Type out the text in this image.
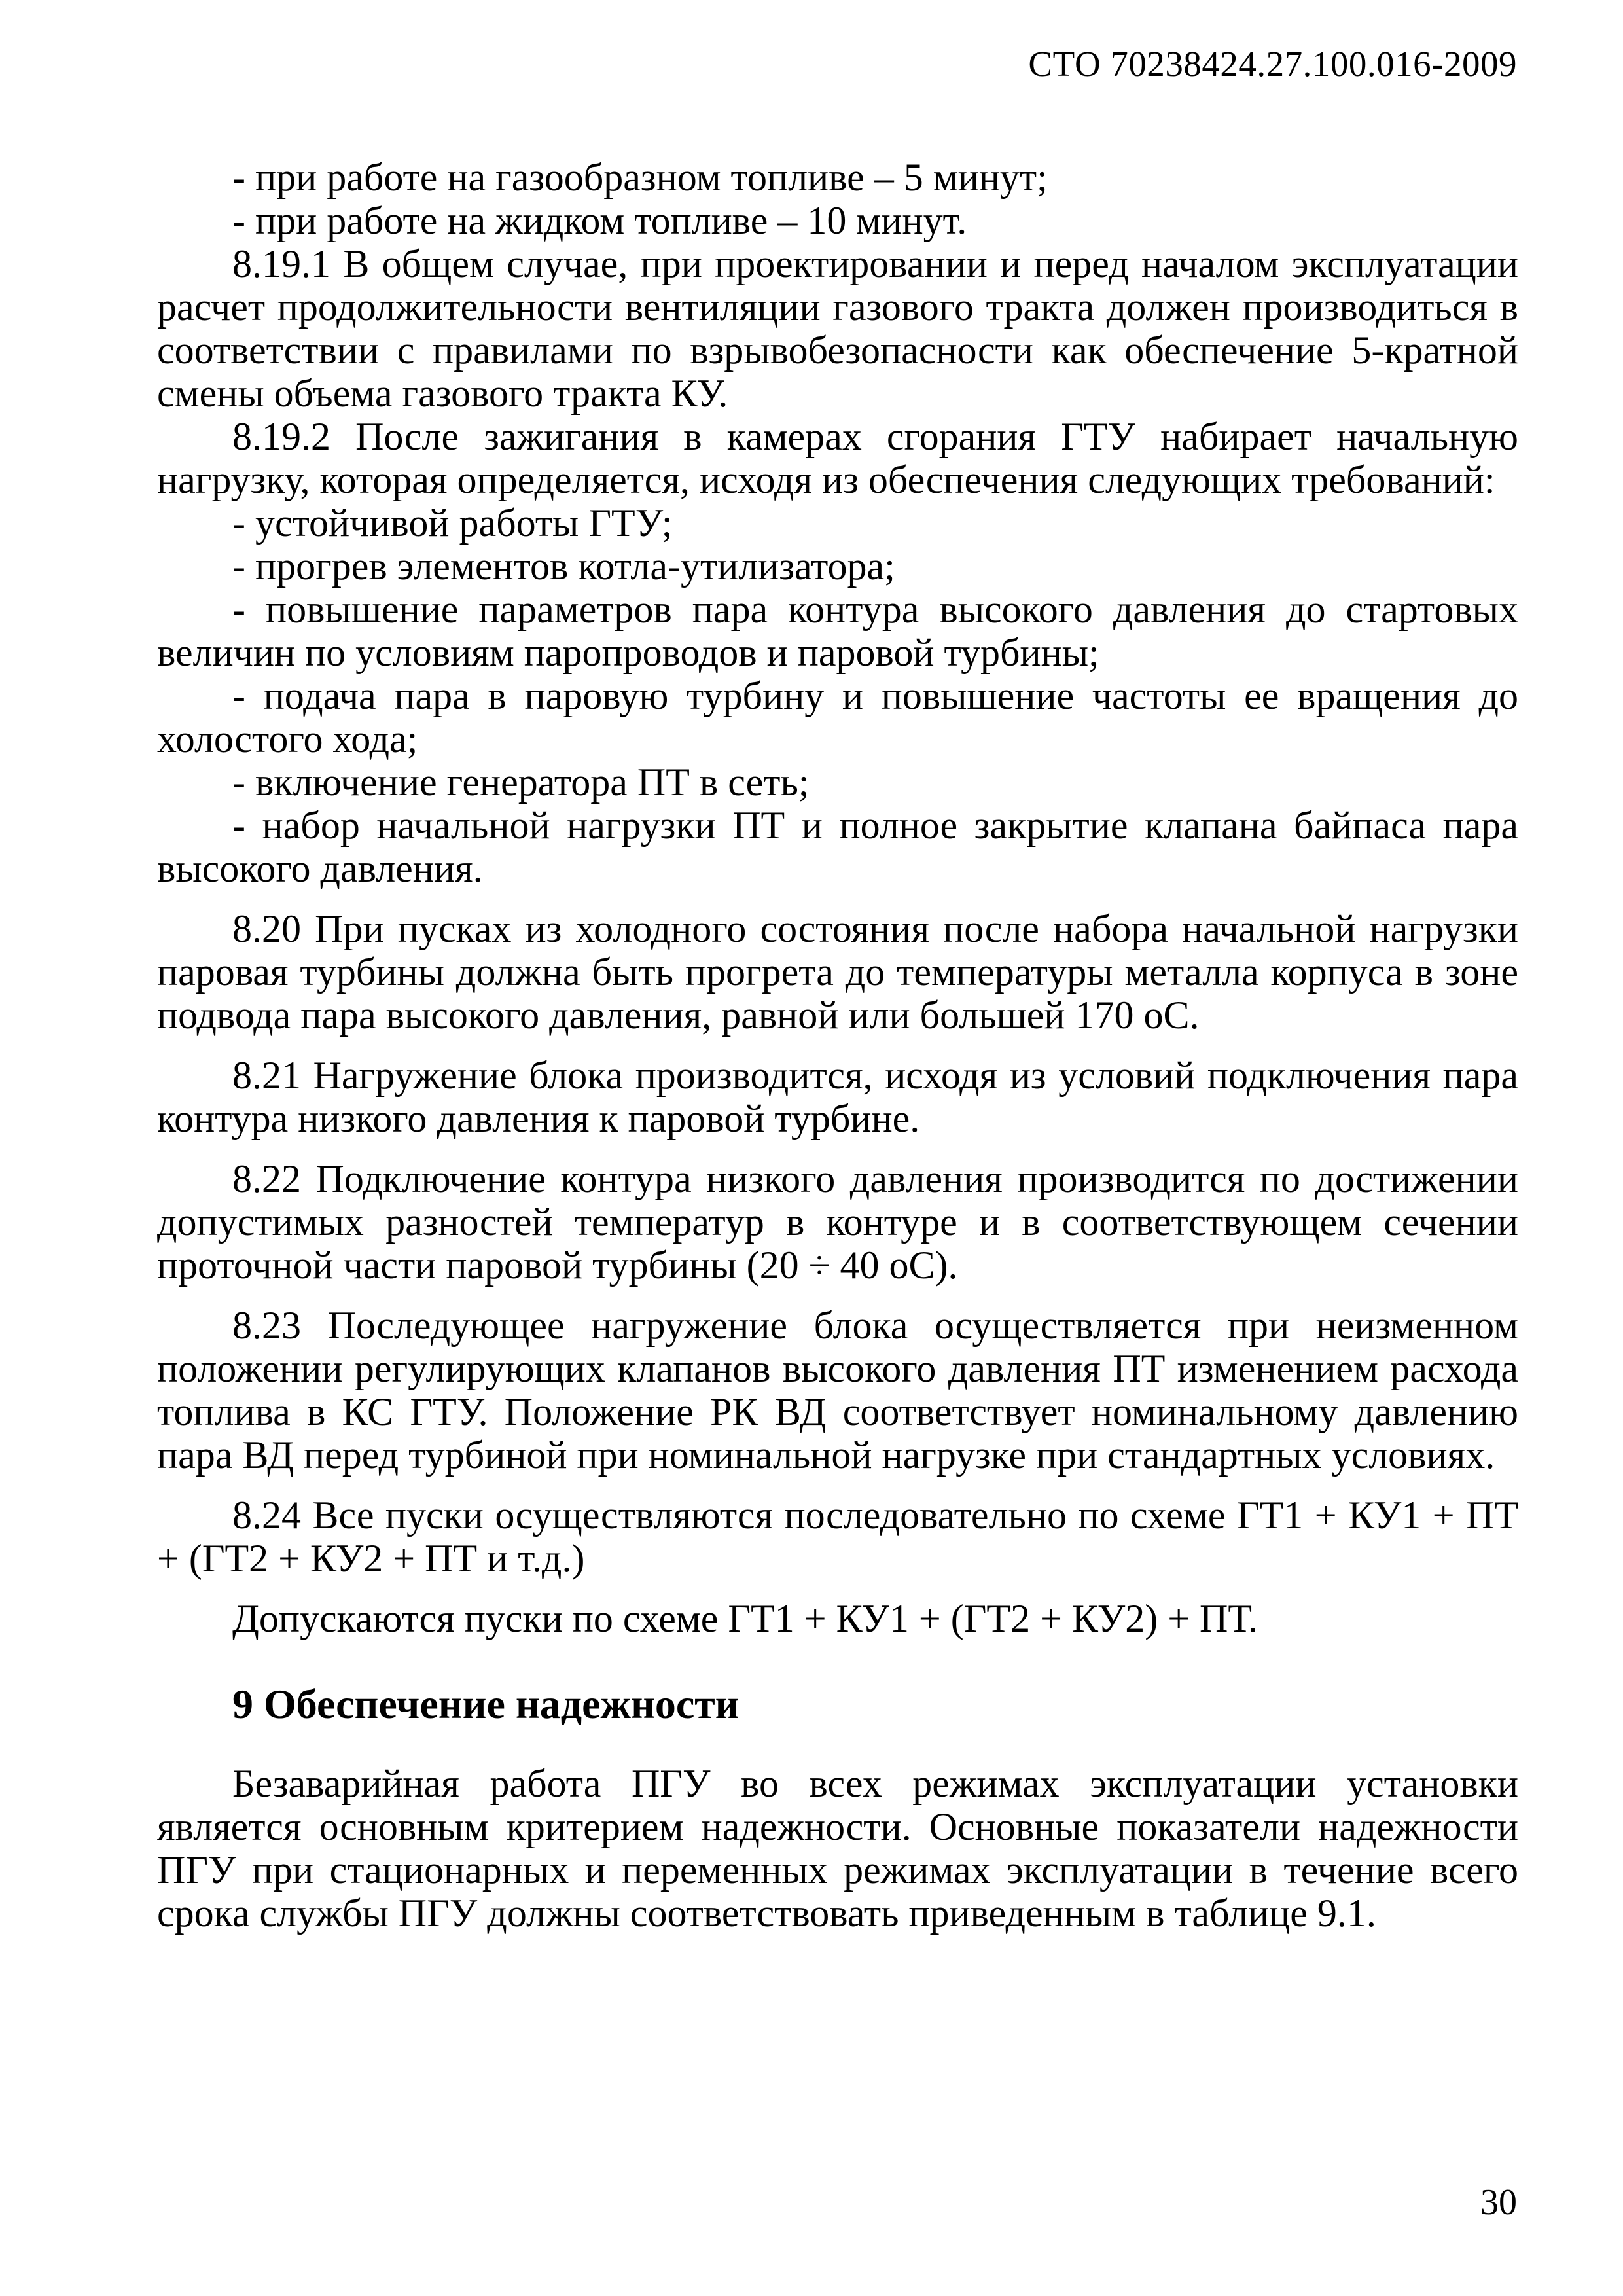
СТО 70238424.27.100.016-2009

- при работе на газообразном топливе – 5 минут;

- при работе на жидком топливе – 10 минут.

8.19.1 В общем случае, при проектировании и перед началом эксплуатации расчет продолжительности вентиляции газового тракта должен производиться в соответствии с правилами по взрывобезопасности как обеспечение 5-кратной смены объема газового тракта КУ.

8.19.2 После зажигания в камерах сгорания ГТУ набирает начальную нагрузку, которая определяется, исходя из обеспечения следующих требований:

- устойчивой работы ГТУ;

- прогрев элементов котла-утилизатора;

- повышение параметров пара контура высокого давления до стартовых величин по условиям паропроводов и паровой турбины;

- подача пара в паровую турбину и повышение частоты ее вращения до холостого хода;

- включение генератора ПТ в сеть;

- набор начальной нагрузки ПТ и полное закрытие клапана байпаса пара высокого давления.

8.20 При пусках из холодного состояния после набора начальной нагрузки паровая турбины должна быть прогрета до температуры металла корпуса в зоне подвода пара высокого давления, равной или большей 170 оС.

8.21 Нагружение блока производится, исходя из условий подключения пара контура низкого давления к паровой турбине.

8.22 Подключение контура низкого давления производится по достижении допустимых разностей температур в контуре и в соответствующем сечении проточной части паровой турбины (20 ÷ 40 оС).

8.23 Последующее нагружение блока осуществляется при неизменном положении регулирующих клапанов высокого давления ПТ изменением расхода топлива в КС ГТУ. Положение РК ВД соответствует номинальному давлению пара ВД перед турбиной при номинальной нагрузке при стандартных условиях.

8.24 Все пуски осуществляются последовательно по схеме ГТ1 + КУ1 + ПТ + (ГТ2 + КУ2 + ПТ и т.д.)

Допускаются пуски по схеме ГТ1 + КУ1 + (ГТ2 + КУ2) + ПТ.

9 Обеспечение надежности

Безаварийная работа ПГУ во всех режимах эксплуатации установки является основным критерием надежности. Основные показатели надежности ПГУ при стационарных и переменных режимах эксплуатации в течение всего срока службы ПГУ должны соответствовать приведенным в таблице 9.1.

30
